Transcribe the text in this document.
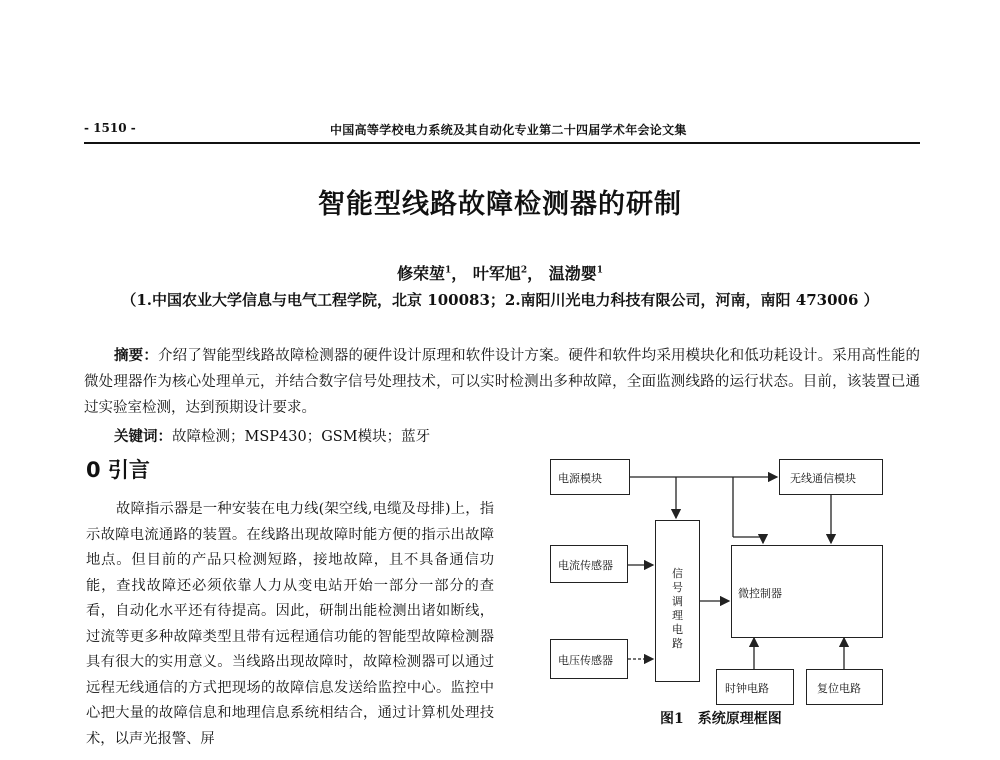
- 1510 -	中国高等学校电力系统及其自动化专业第二十四届学术年会论文集
智能型线路故障检测器的研制
修荣堃$^1$， 叶军旭$^2$， 温渤婴$^1$
（1.中国农业大学信息与电气工程学院，北京 100083；2.南阳川光电力科技有限公司，河南，南阳 473006 ）
摘要：介绍了智能型线路故障检测器的硬件设计原理和软件设计方案。硬件和软件均采用模块化和低功耗设计。采用高性能的微处理器作为核心处理单元，并结合数字信号处理技术，可以实时检测出多种故障，全面监测线路的运行状态。目前，该装置已通过实验室检测，达到预期设计要求。
关键词：故障检测；MSP430；GSM模块；蓝牙
0 引言
故障指示器是一种安装在电力线(架空线,电缆及母排)上，指示故障电流通路的装置。在线路出现故障时能方便的指示出故障地点。但目前的产品只检测短路，接地故障，且不具备通信功能，查找故障还必须依靠人力从变电站开始一部分一部分的查看，自动化水平还有待提高。因此，研制出能检测出诸如断线，过流等更多种故障类型且带有远程通信功能的智能型故障检测器具有很大的实用意义。当线路出现故障时，故障检测器可以通过远程无线通信的方式把现场的故障信息发送给监控中心。监控中心把大量的故障信息和地理信息系统相结合，通过计算机处理技术，以声光报警、屏
电源模块	无线通信模块
电流传感器
电压传感器
信号调理电路
微控制器
时钟电路	复位电路
图1　系统原理框图
